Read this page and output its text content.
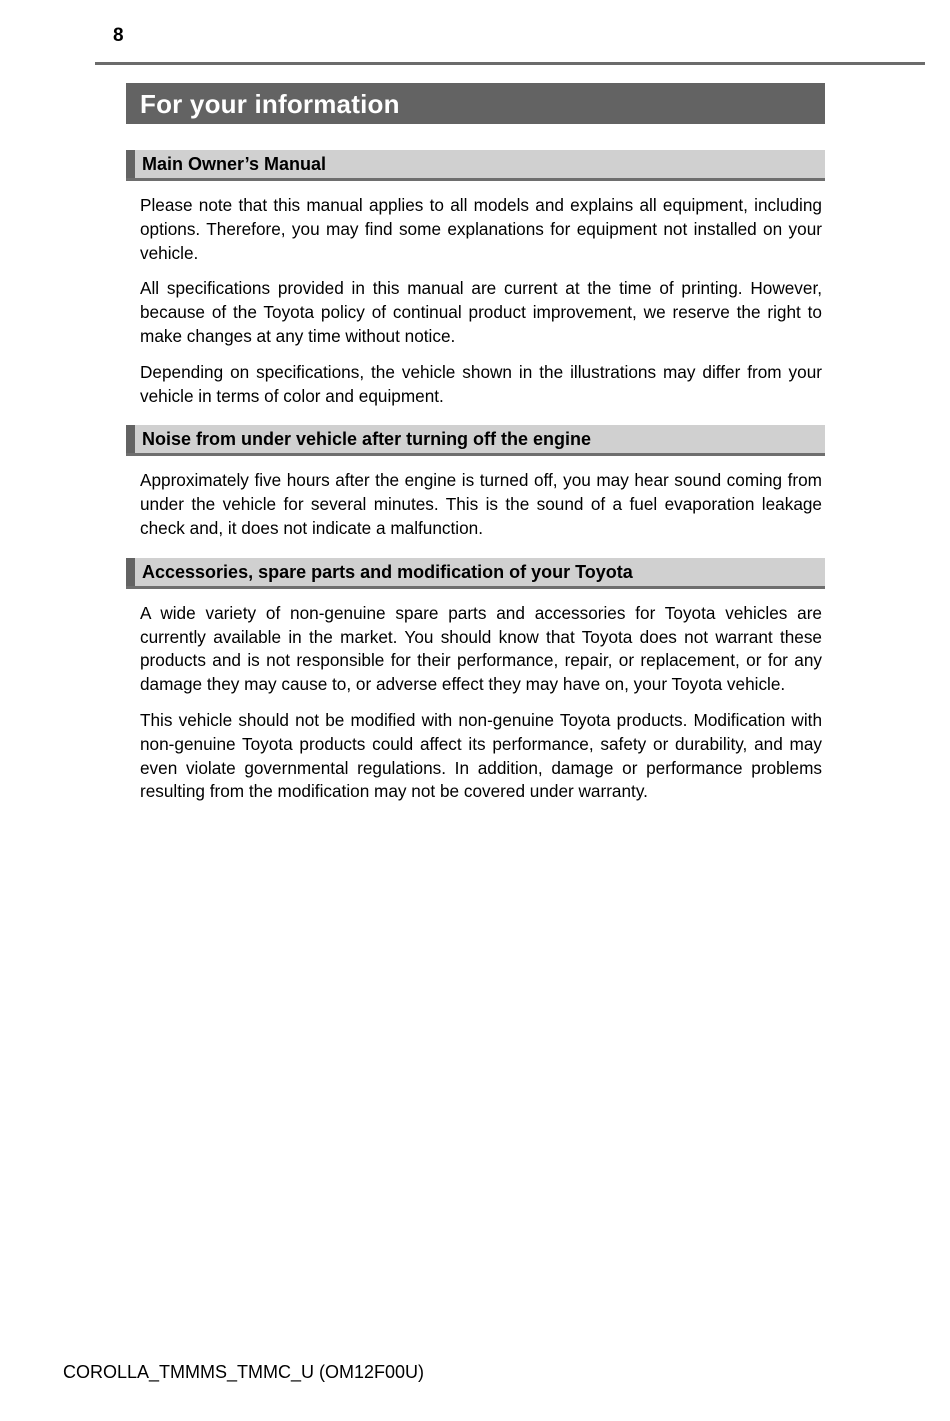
8
For your information
Main Owner’s Manual

Please note that this manual applies to all models and explains all equipment, including options. Therefore, you may find some explanations for equipment not installed on your vehicle.

All specifications provided in this manual are current at the time of printing. However, because of the Toyota policy of continual product improvement, we reserve the right to make changes at any time without notice.

Depending on specifications, the vehicle shown in the illustrations may differ from your vehicle in terms of color and equipment.

Noise from under vehicle after turning off the engine

Approximately five hours after the engine is turned off, you may hear sound coming from under the vehicle for several minutes. This is the sound of a fuel evaporation leakage check and, it does not indicate a malfunction.

Accessories, spare parts and modification of your Toyota

A wide variety of non-genuine spare parts and accessories for Toyota vehicles are currently available in the market. You should know that Toyota does not warrant these products and is not responsible for their performance, repair, or replacement, or for any damage they may cause to, or adverse effect they may have on, your Toyota vehicle.

This vehicle should not be modified with non-genuine Toyota products. Modification with non-genuine Toyota products could affect its performance, safety or durability, and may even violate governmental regulations. In addition, damage or performance problems resulting from the modification may not be covered under warranty.

COROLLA_TMMMS_TMMC_U (OM12F00U)
